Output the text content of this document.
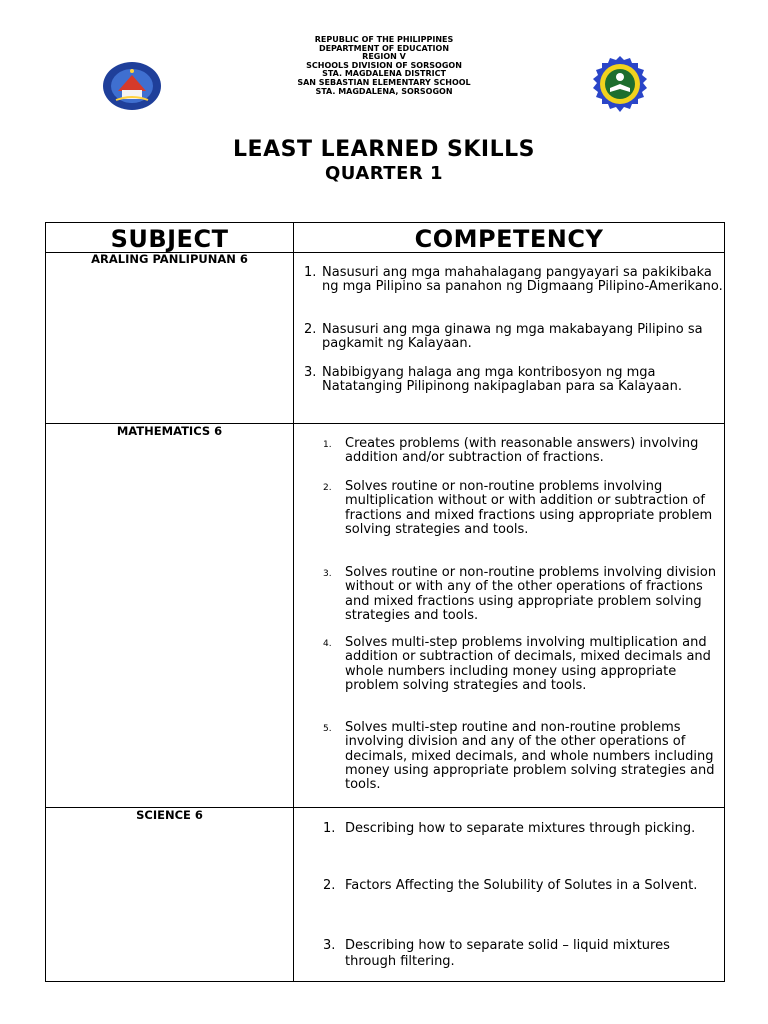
REPUBLIC OF THE PHILIPPINES
DEPARTMENT OF EDUCATION
REGION V
SCHOOLS DIVISION OF SORSOGON
STA. MAGDALENA DISTRICT
SAN SEBASTIAN ELEMENTARY SCHOOL
STA. MAGDALENA, SORSOGON
LEAST LEARNED SKILLS
QUARTER 1
SUBJECT	COMPETENCY
ARALING PANLIPUNAN 6
1. Nasusuri ang mga mahahalagang pangyayari sa pakikibaka ng mga Pilipino sa panahon ng Digmaang Pilipino-Amerikano.
2. Nasusuri ang mga ginawa ng mga makabayang Pilipino sa pagkamit ng Kalayaan.
3. Nabibigyang halaga ang mga kontribosyon ng mga Natatanging Pilipinong nakipaglaban para sa Kalayaan.
MATHEMATICS 6
1.	Creates problems (with reasonable answers) involving addition and/or subtraction of fractions.
2.	Solves routine or non-routine problems involving multiplication without or with addition or subtraction of fractions and mixed fractions using appropriate problem solving strategies and tools.
3.	Solves routine or non-routine problems involving division without or with any of the other operations of fractions and mixed fractions using appropriate problem solving strategies and tools.
4.	Solves multi-step problems involving multiplication and addition or subtraction of decimals, mixed decimals and whole numbers including money using appropriate problem solving strategies and tools.
5.	Solves multi-step routine and non-routine problems involving division and any of the other operations of decimals, mixed decimals, and whole numbers including money using appropriate problem solving strategies and tools.
SCIENCE 6
1. Describing how to separate mixtures through picking.
2. Factors Affecting the Solubility of Solutes in a Solvent.
3. Describing how to separate solid – liquid mixtures through filtering.
